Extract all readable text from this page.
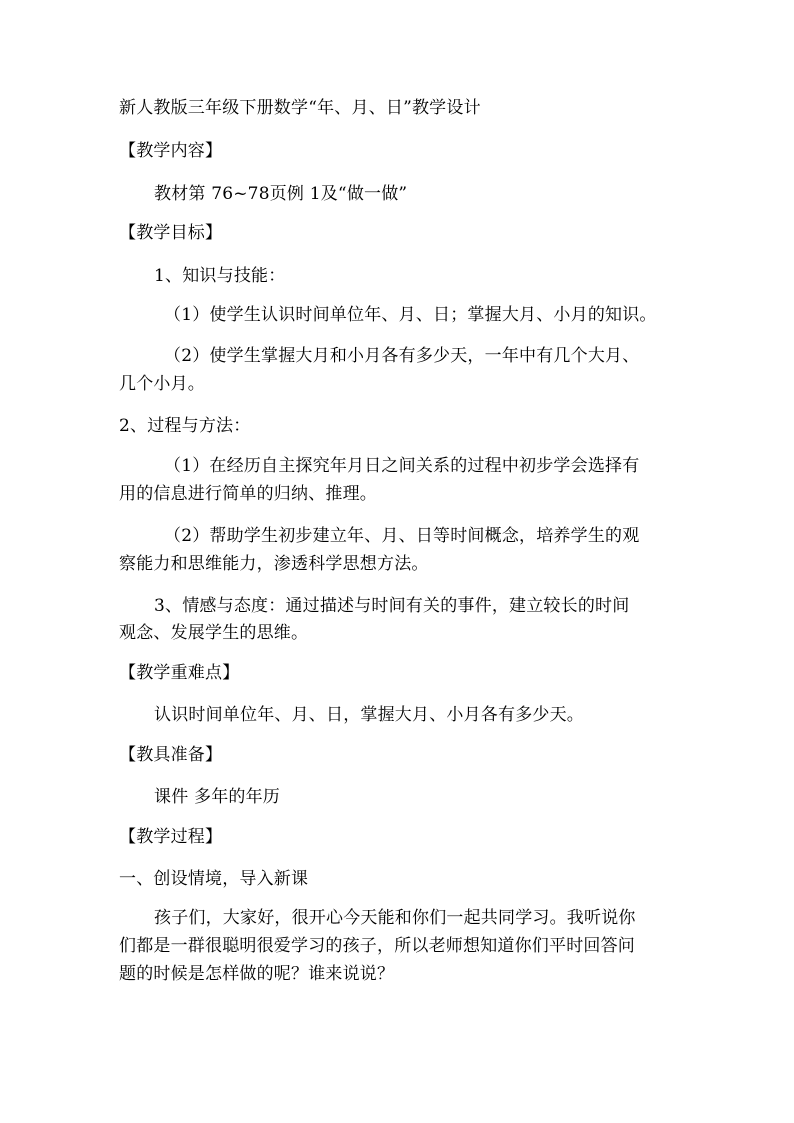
新人教版三年级下册数学“年、月、日”教学设计
【教学内容】
教材第 76~78页例 1及“做一做”
【教学目标】
1、知识与技能：
（1）使学生认识时间单位年、月、日；掌握大月、小月的知识。
（2）使学生掌握大月和小月各有多少天，一年中有几个大月、
几个小月。
2、过程与方法：
（1）在经历自主探究年月日之间关系的过程中初步学会选择有
用的信息进行简单的归纳、推理。
（2）帮助学生初步建立年、月、日等时间概念，培养学生的观
察能力和思维能力，渗透科学思想方法。
3、情感与态度：通过描述与时间有关的事件，建立较长的时间
观念、发展学生的思维。
【教学重难点】
认识时间单位年、月、日，掌握大月、小月各有多少天。
【教具准备】
课件 多年的年历
【教学过程】
一、创设情境，导入新课
孩子们，大家好，很开心今天能和你们一起共同学习。我听说你
们都是一群很聪明很爱学习的孩子，所以老师想知道你们平时回答问
题的时候是怎样做的呢？谁来说说？
